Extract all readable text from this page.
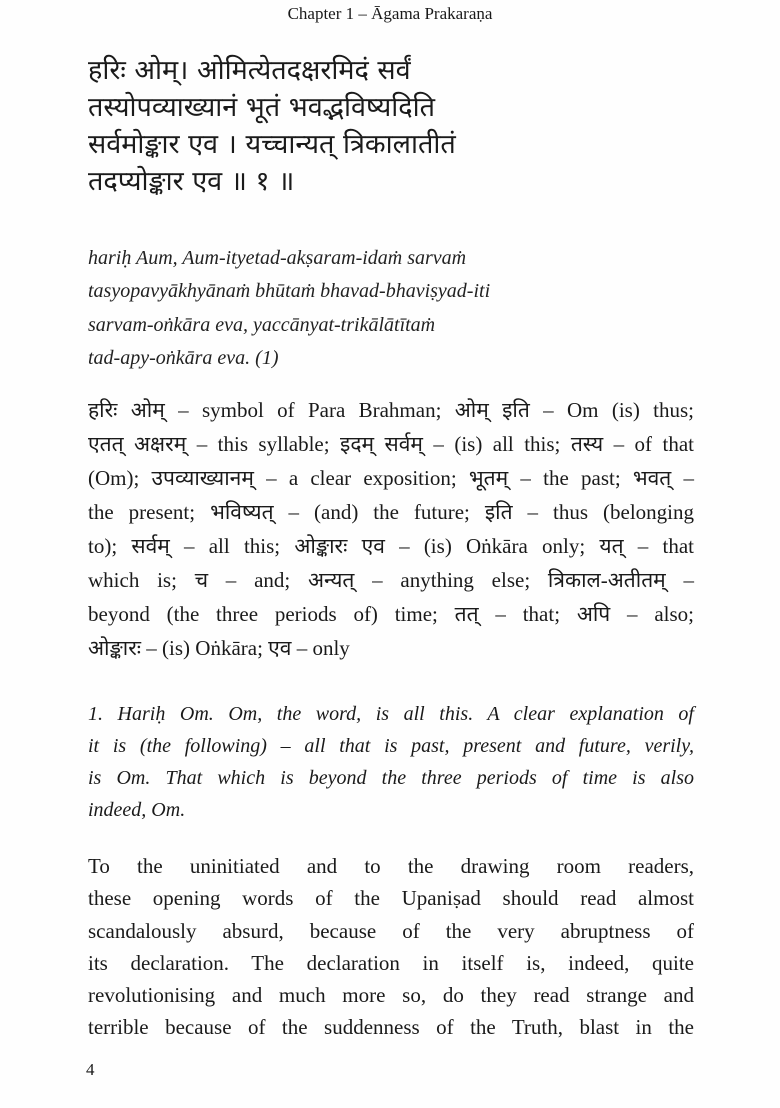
Chapter 1 – Āgama Prakaraṇa
हरिः ओम्। ओमित्येतदक्षरमिदं सर्वं
तस्योपव्याख्यानं भूतं भवद्भविष्यदिति
सर्वमोङ्कार एव । यच्चान्यत् त्रिकालातीतं
तदप्योङ्कार एव ॥ १ ॥
hariḥ Aum, Aum-ityetad-akṣaram-idaṁ sarvaṁ
tasyopavyākhyānaṁ bhūtaṁ bhavad-bhaviṣyad-iti
sarvam-oṅkāra eva, yaccānyat-trikālātītaṁ
tad-apy-oṅkāra eva. (1)
हरिः ओम् – symbol of Para Brahman; ओम् इति – Om (is) thus;
एतत् अक्षरम् – this syllable; इदम् सर्वम् – (is) all this; तस्य – of that
(Om); उपव्याख्यानम् – a clear exposition; भूतम् – the past; भवत् –
the present; भविष्यत् – (and) the future; इति – thus (belonging
to); सर्वम् – all this; ओङ्कारः एव – (is) Oṅkāra only; यत् – that
which is; च – and; अन्यत् – anything else; त्रिकाल-अतीतम् –
beyond (the three periods of) time; तत् – that; अपि – also;
ओङ्कारः – (is) Oṅkāra; एव – only
1. Hariḥ Om. Om, the word, is all this. A clear explanation of
it is (the following) – all that is past, present and future, verily,
is Om. That which is beyond the three periods of time is also
indeed, Om.
To the uninitiated and to the drawing room readers,
these opening words of the Upaniṣad should read almost
scandalously absurd, because of the very abruptness of
its declaration. The declaration in itself is, indeed, quite
revolutionising and much more so, do they read strange and
terrible because of the suddenness of the Truth, blast in the
4
